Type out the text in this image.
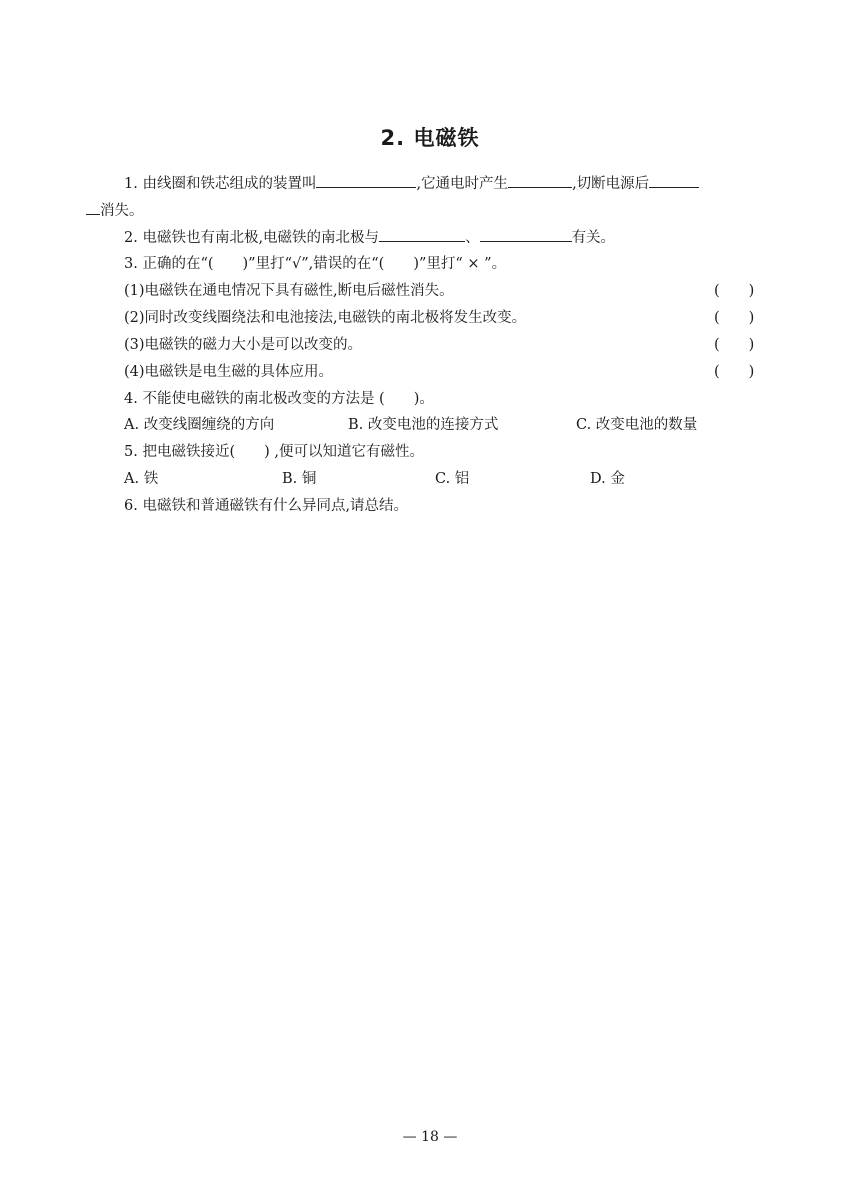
2. 电磁铁
1. 由线圈和铁芯组成的装置叫	,它通电时产生	,切断电源后
消失。
2. 电磁铁也有南北极,电磁铁的南北极与	、	有关。
3. 正确的在“(　　)”里打“√”,错误的在“(　　)”里打“ × ”。
(1)电磁铁在通电情况下具有磁性,断电后磁性消失。	(　　)
(2)同时改变线圈绕法和电池接法,电磁铁的南北极将发生改变。	(　　)
(3)电磁铁的磁力大小是可以改变的。	(　　)
(4)电磁铁是电生磁的具体应用。	(　　)
4. 不能使电磁铁的南北极改变的方法是 (　　)。
A. 改变线圈缠绕的方向	B. 改变电池的连接方式	C. 改变电池的数量
5. 把电磁铁接近(　　) ,便可以知道它有磁性。
A. 铁	B. 铜	C. 铝	D. 金
6. 电磁铁和普通磁铁有什么异同点,请总结。
— 18 —
